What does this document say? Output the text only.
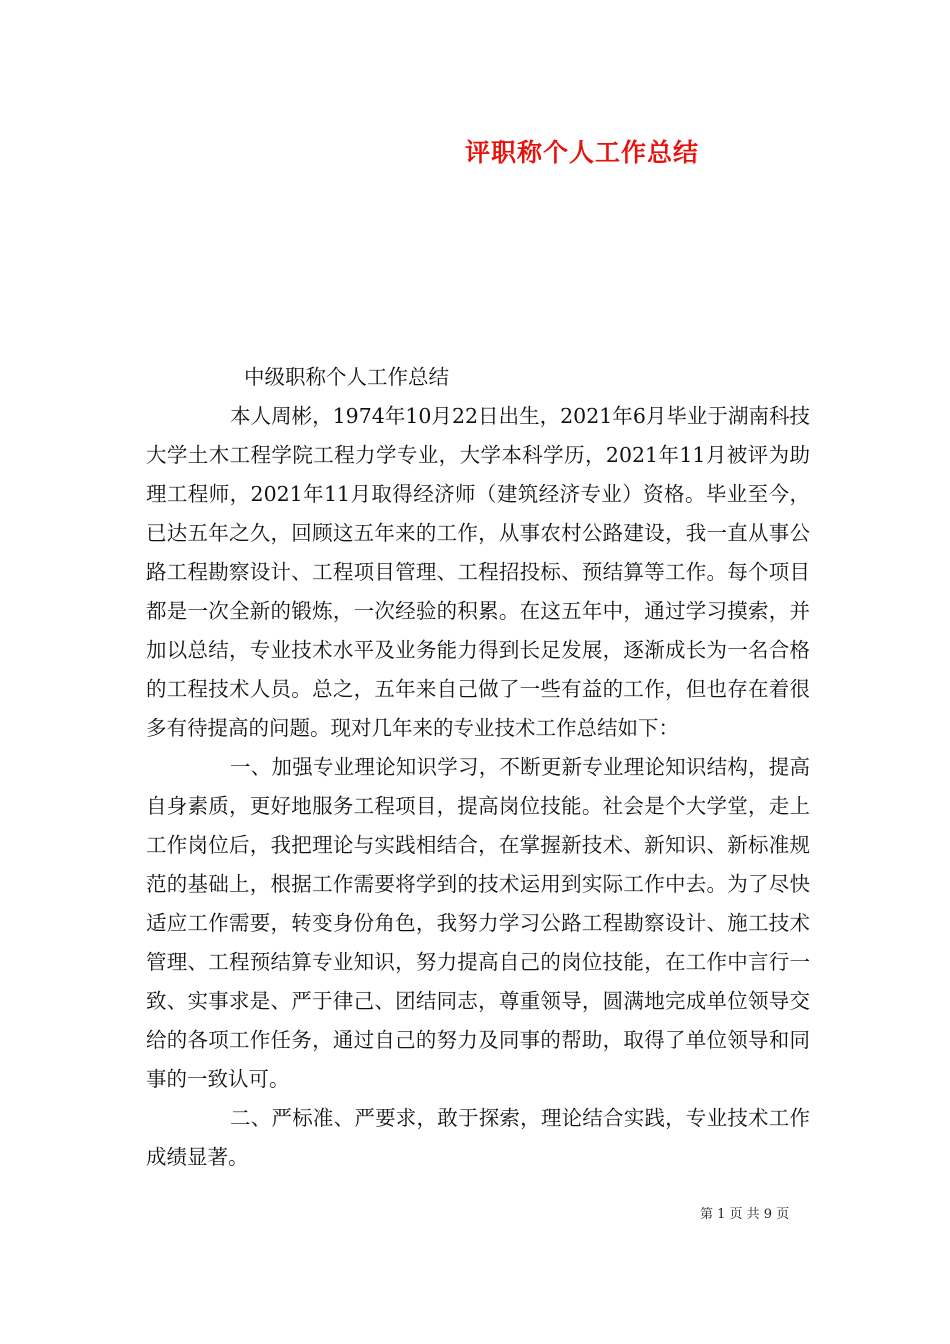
评职称个人工作总结

中级职称个人工作总结

本人周彬，1974年10月22日出生，2021年6月毕业于湖南科技大学土木工程学院工程力学专业，大学本科学历，2021年11月被评为助理工程师，2021年11月取得经济师（建筑经济专业）资格。毕业至今，已达五年之久，回顾这五年来的工作，从事农村公路建设，我一直从事公路工程勘察设计、工程项目管理、工程招投标、预结算等工作。每个项目都是一次全新的锻炼，一次经验的积累。在这五年中，通过学习摸索，并加以总结，专业技术水平及业务能力得到长足发展，逐渐成长为一名合格的工程技术人员。总之，五年来自己做了一些有益的工作，但也存在着很多有待提高的问题。现对几年来的专业技术工作总结如下：

一、加强专业理论知识学习，不断更新专业理论知识结构，提高自身素质，更好地服务工程项目，提高岗位技能。社会是个大学堂，走上工作岗位后，我把理论与实践相结合，在掌握新技术、新知识、新标准规范的基础上，根据工作需要将学到的技术运用到实际工作中去。为了尽快适应工作需要，转变身份角色，我努力学习公路工程勘察设计、施工技术管理、工程预结算专业知识，努力提高自己的岗位技能，在工作中言行一致、实事求是、严于律己、团结同志，尊重领导，圆满地完成单位领导交给的各项工作任务，通过自己的努力及同事的帮助，取得了单位领导和同事的一致认可。

二、严标准、严要求，敢于探索，理论结合实践，专业技术工作成绩显著。

第 1 页 共 9 页
